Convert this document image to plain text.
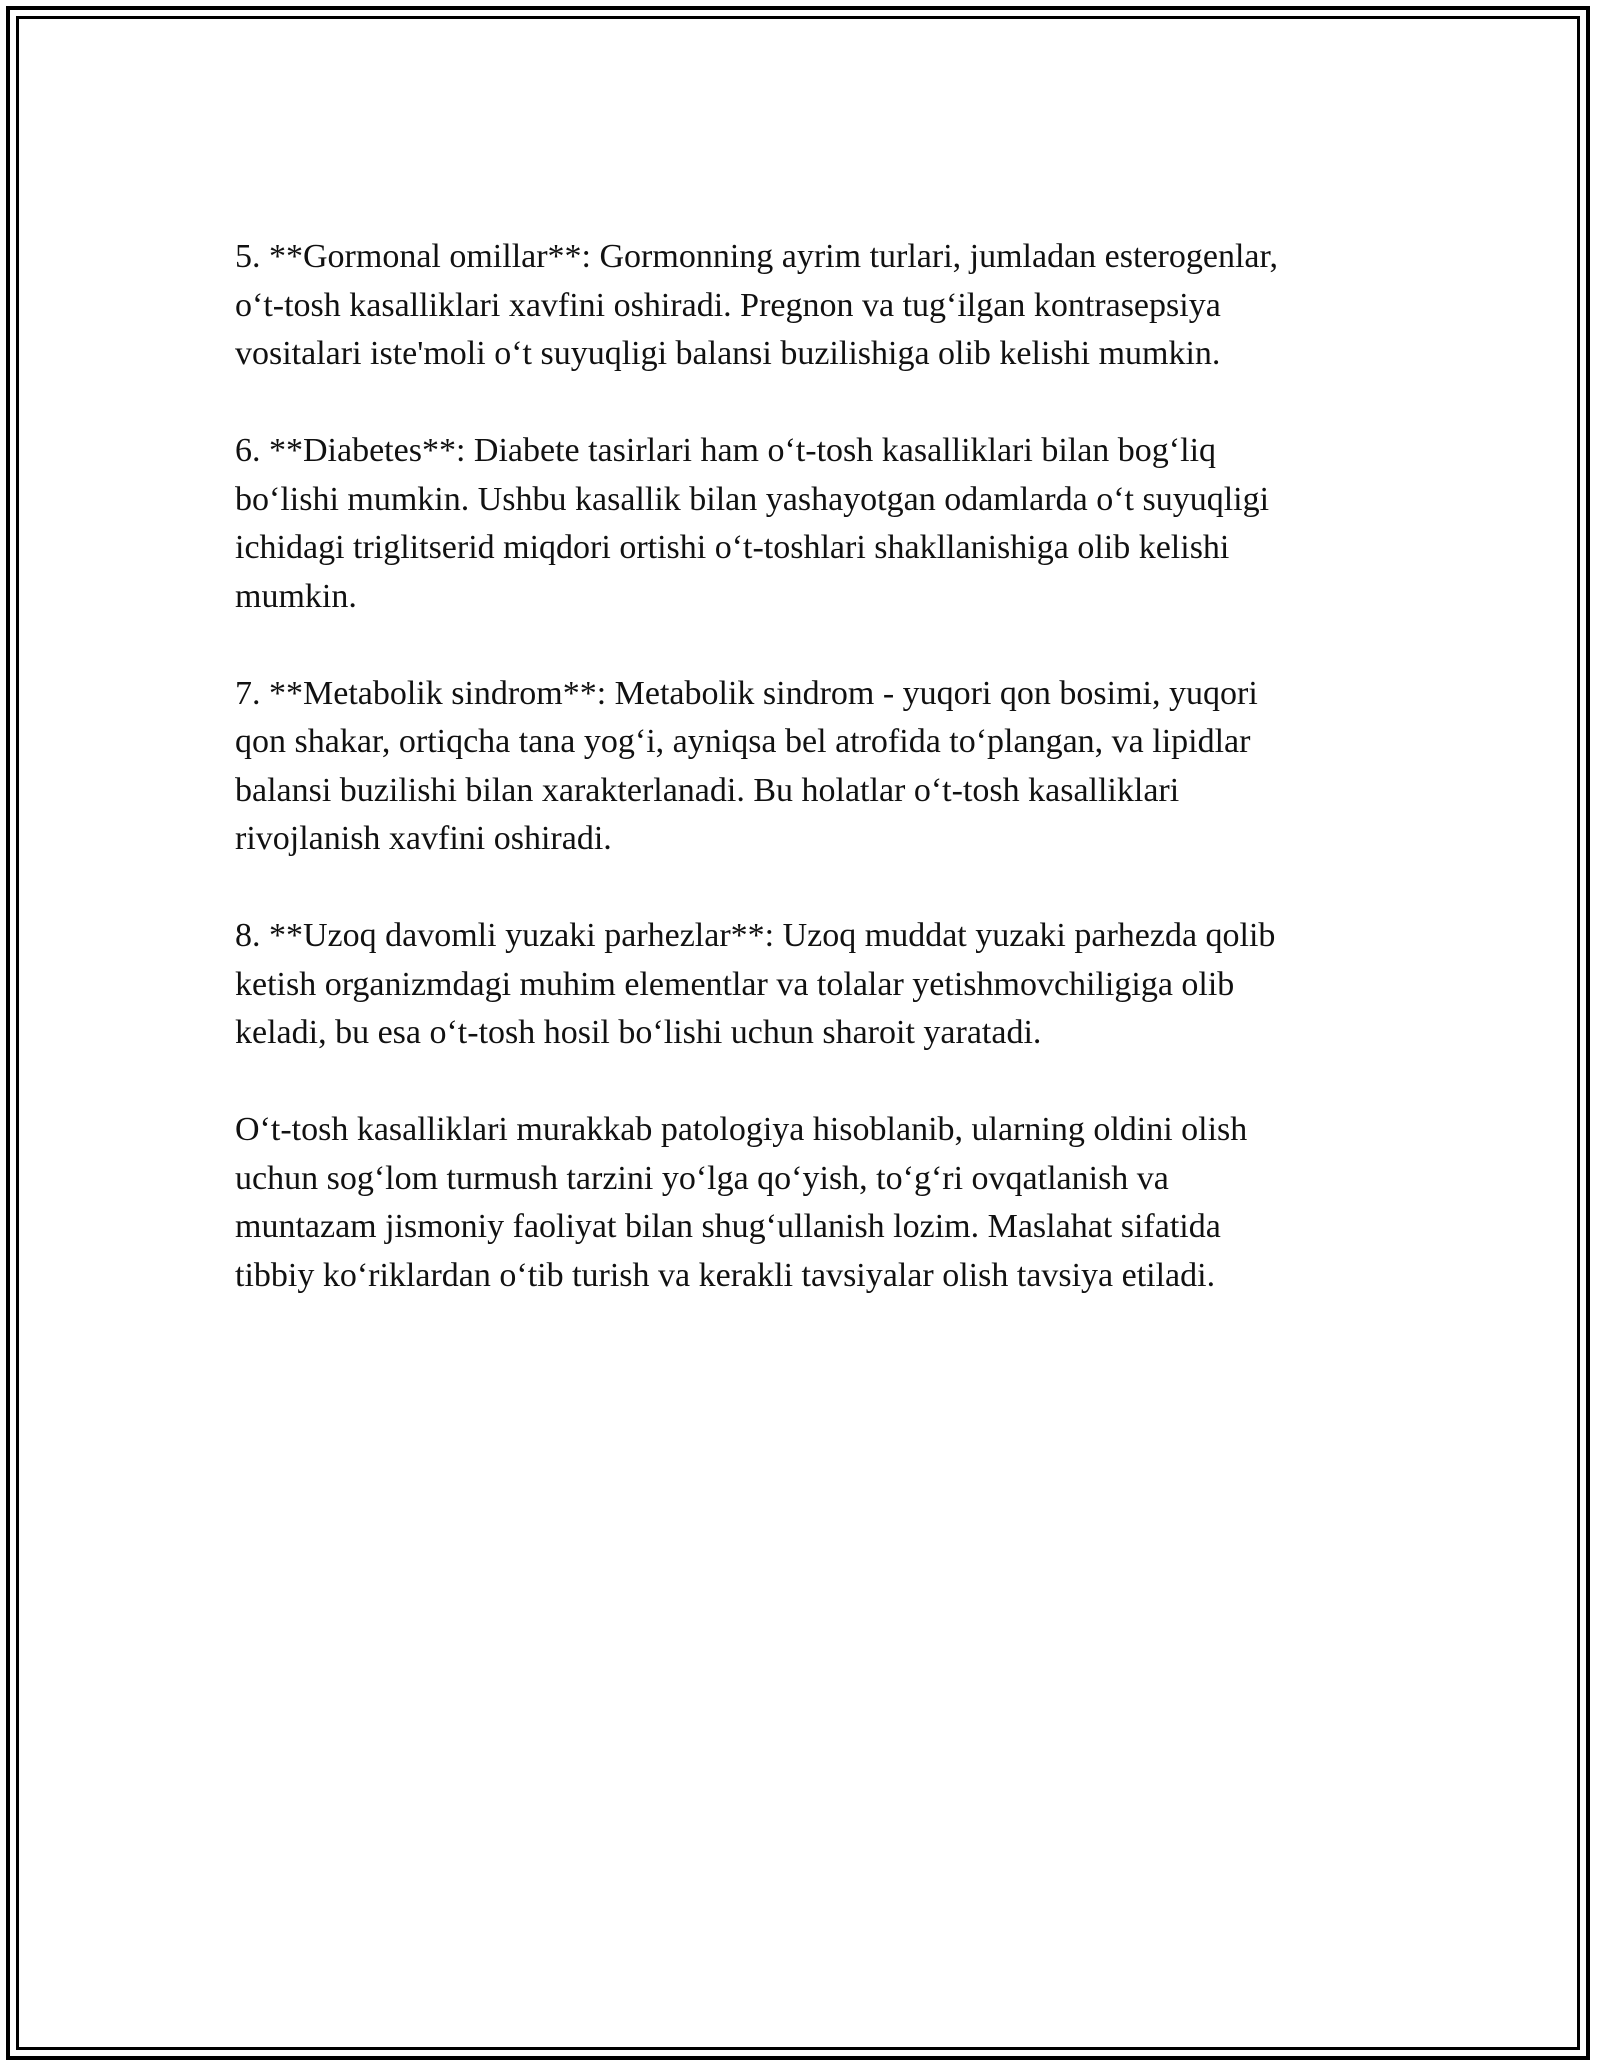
5. **Gormonal omillar**: Gormonning ayrim turlari, jumladan esterogenlar,
o‘t-tosh kasalliklari xavfini oshiradi. Pregnon va tug‘ilgan kontrasepsiya
vositalari iste'moli o‘t suyuqligi balansi buzilishiga olib kelishi mumkin.

6. **Diabetes**: Diabete tasirlari ham o‘t-tosh kasalliklari bilan bog‘liq
bo‘lishi mumkin. Ushbu kasallik bilan yashayotgan odamlarda o‘t suyuqligi
ichidagi triglitserid miqdori ortishi o‘t-toshlari shakllanishiga olib kelishi
mumkin.

7. **Metabolik sindrom**: Metabolik sindrom - yuqori qon bosimi, yuqori
qon shakar, ortiqcha tana yog‘i, ayniqsa bel atrofida to‘plangan, va lipidlar
balansi buzilishi bilan xarakterlanadi. Bu holatlar o‘t-tosh kasalliklari
rivojlanish xavfini oshiradi.

8. **Uzoq davomli yuzaki parhezlar**: Uzoq muddat yuzaki parhezda qolib
ketish organizmdagi muhim elementlar va tolalar yetishmovchiligiga olib
keladi, bu esa o‘t-tosh hosil bo‘lishi uchun sharoit yaratadi.

O‘t-tosh kasalliklari murakkab patologiya hisoblanib, ularning oldini olish
uchun sog‘lom turmush tarzini yo‘lga qo‘yish, to‘g‘ri ovqatlanish va
muntazam jismoniy faoliyat bilan shug‘ullanish lozim. Maslahat sifatida
tibbiy ko‘riklardan o‘tib turish va kerakli tavsiyalar olish tavsiya etiladi.
